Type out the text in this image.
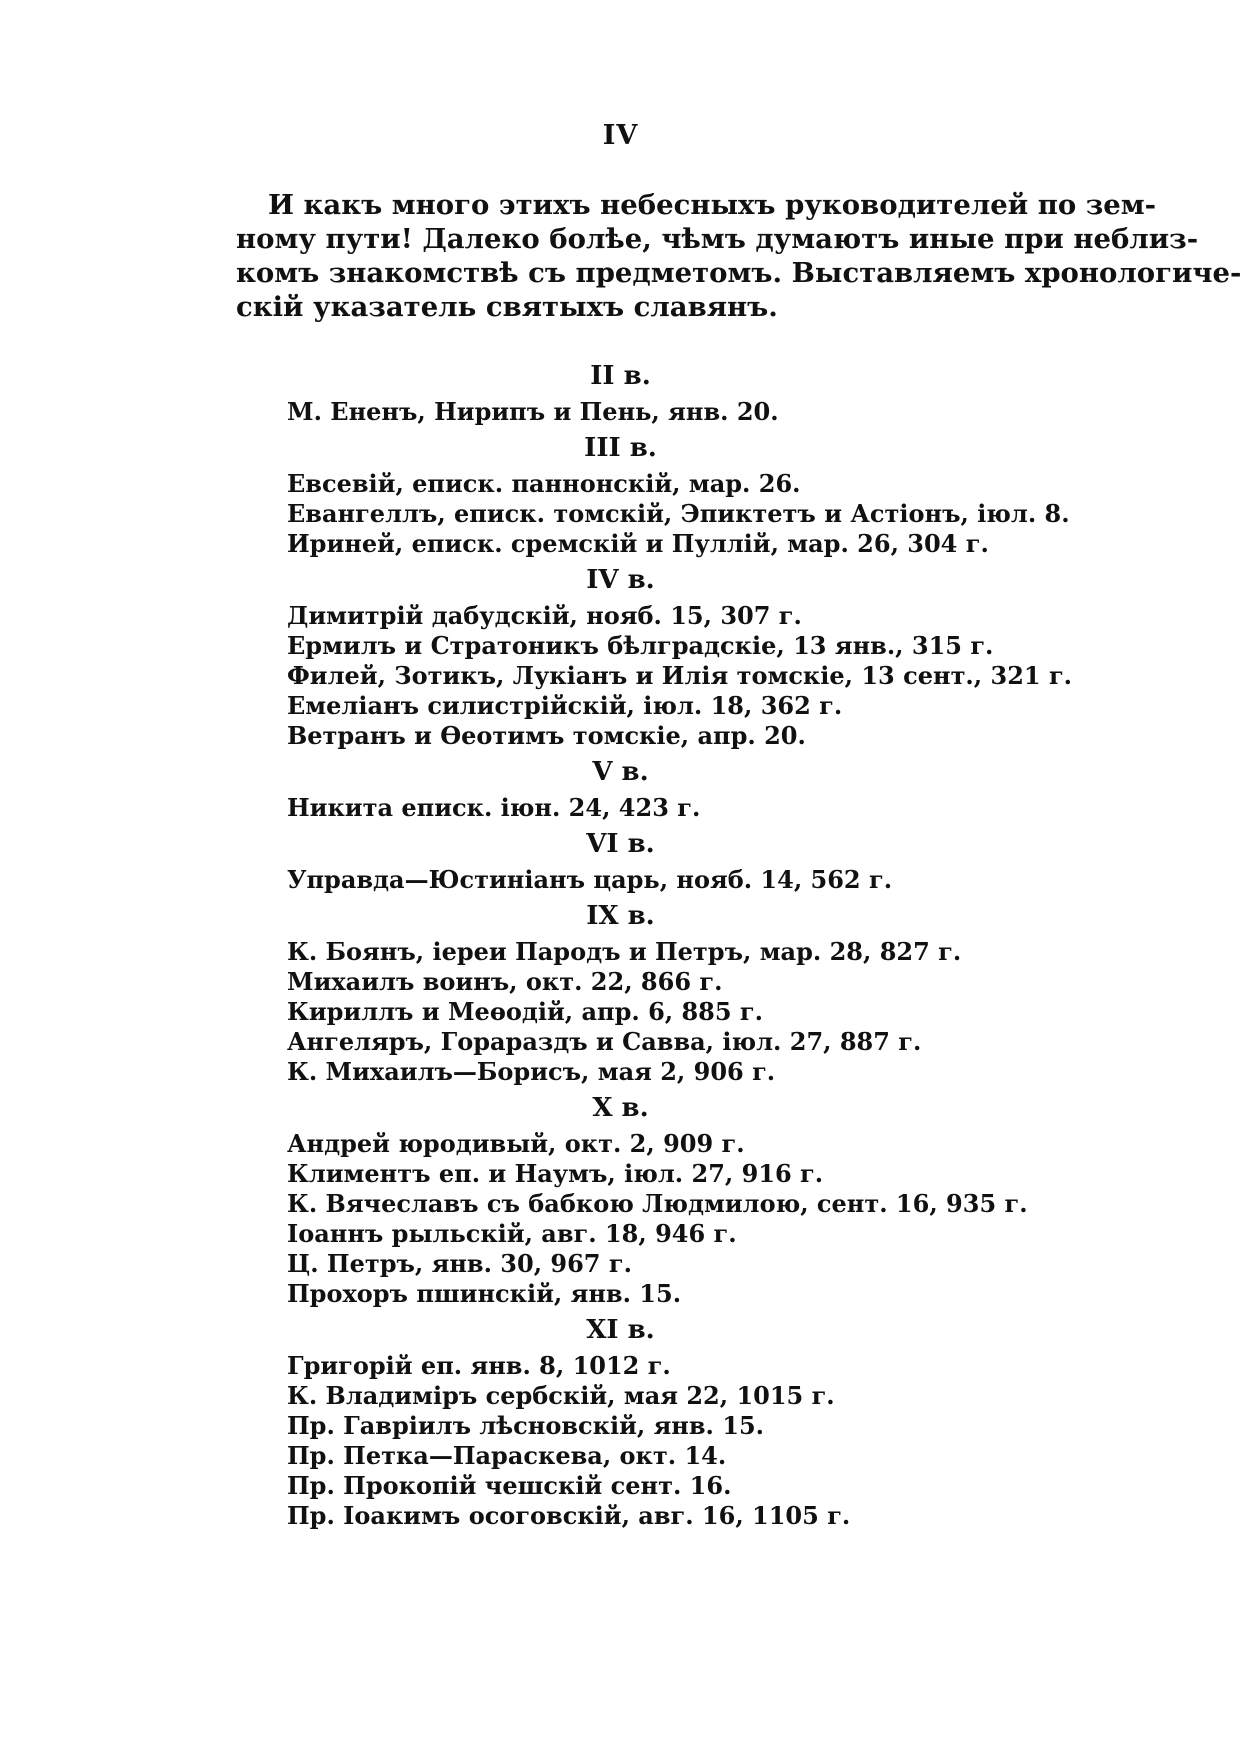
IV
И какъ много этихъ небесныхъ руководителей по зем-
ному пути! Далеко болѣе, чѣмъ думаютъ иные при неблиз-
комъ знакомствѣ съ предметомъ. Выставляемъ хронологиче-
скій указатель святыхъ славянъ.
II в.
М. Ененъ, Нирипъ и Пень, янв. 20.
III в.
Евсевій, еписк. паннонскій, мар. 26.
Евангеллъ, еписк. томскій, Эпиктетъ и Астіонъ, іюл. 8.
Ириней, еписк. сремскій и Пуллій, мар. 26, 304 г.
IV в.
Димитрій дабудскій, нояб. 15, 307 г.
Ермилъ и Стратоникъ бѣлградскіе, 13 янв., 315 г.
Филей, Зотикъ, Лукіанъ и Илія томскіе, 13 сент., 321 г.
Емеліанъ силистрійскій, іюл. 18, 362 г.
Ветранъ и Өеотимъ томскіе, апр. 20.
V в.
Никита еписк. іюн. 24, 423 г.
VI в.
Управда—Юстиніанъ царь, нояб. 14, 562 г.
IX в.
К. Боянъ, іереи Пародъ и Петръ, мар. 28, 827 г.
Михаилъ воинъ, окт. 22, 866 г.
Кириллъ и Меөодій, апр. 6, 885 г.
Ангеляръ, Горараздъ и Савва, іюл. 27, 887 г.
К. Михаилъ—Борисъ, мая 2, 906 г.
X в.
Андрей юродивый, окт. 2, 909 г.
Климентъ еп. и Наумъ, іюл. 27, 916 г.
К. Вячеславъ съ бабкою Людмилою, сент. 16, 935 г.
Іоаннъ рыльскій, авг. 18, 946 г.
Ц. Петръ, янв. 30, 967 г.
Прохоръ пшинскій, янв. 15.
XI в.
Григорій еп. янв. 8, 1012 г.
К. Владиміръ сербскій, мая 22, 1015 г.
Пр. Гавріилъ лѣсновскій, янв. 15.
Пр. Петка—Параскева, окт. 14.
Пр. Прокопій чешскій сент. 16.
Пр. Іоакимъ осоговскій, авг. 16, 1105 г.
